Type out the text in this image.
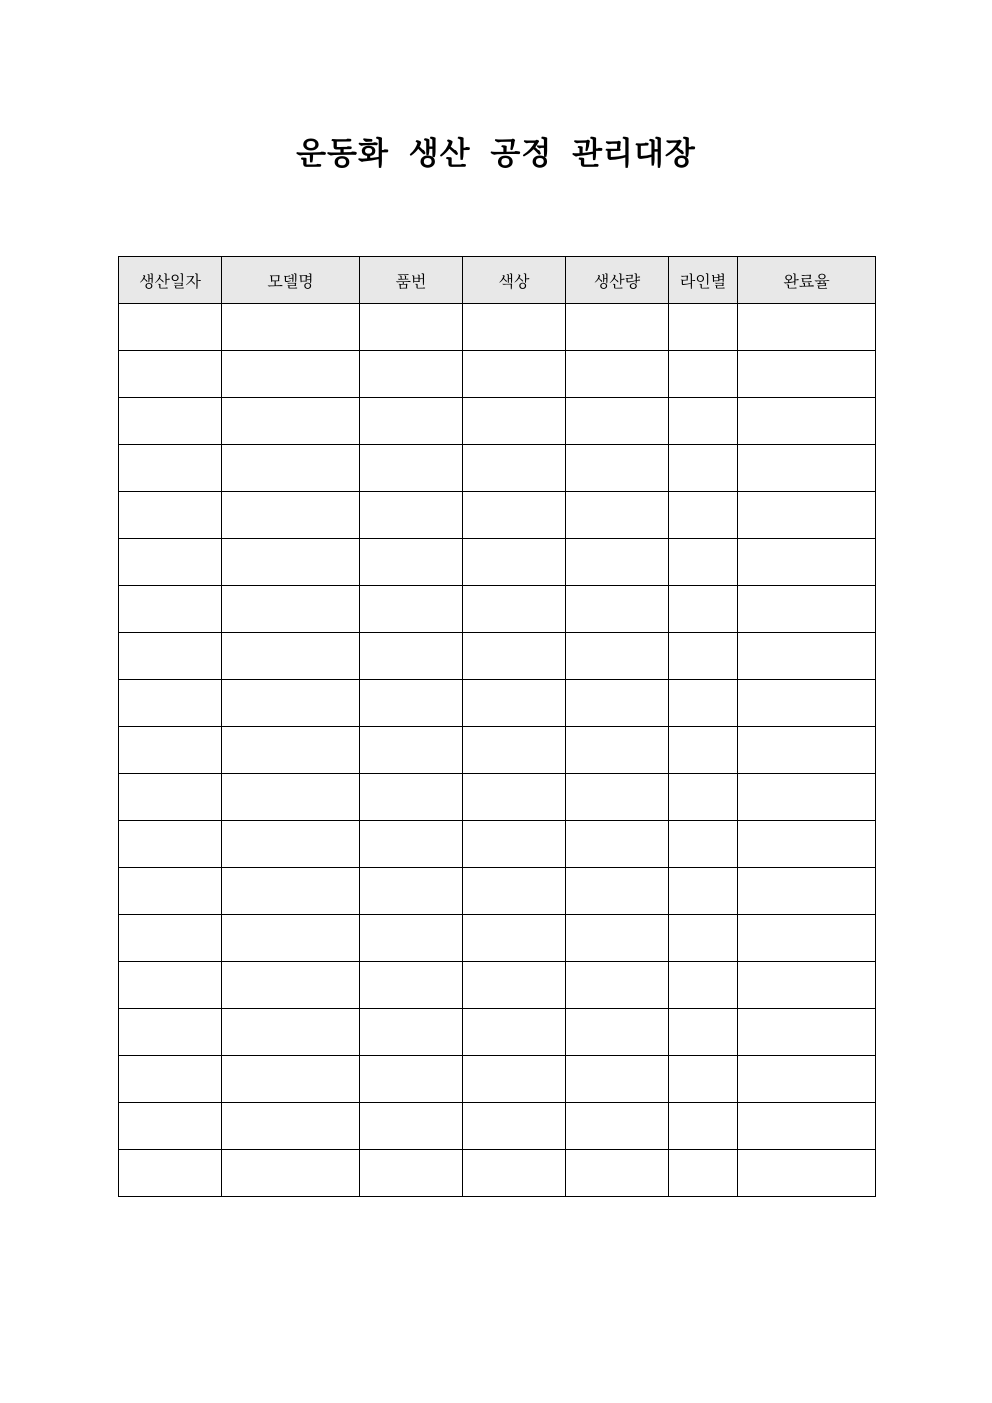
운동화 생산 공정 관리대장
생산일자	모델명	품번	색상	생산량	라인별	완료율
